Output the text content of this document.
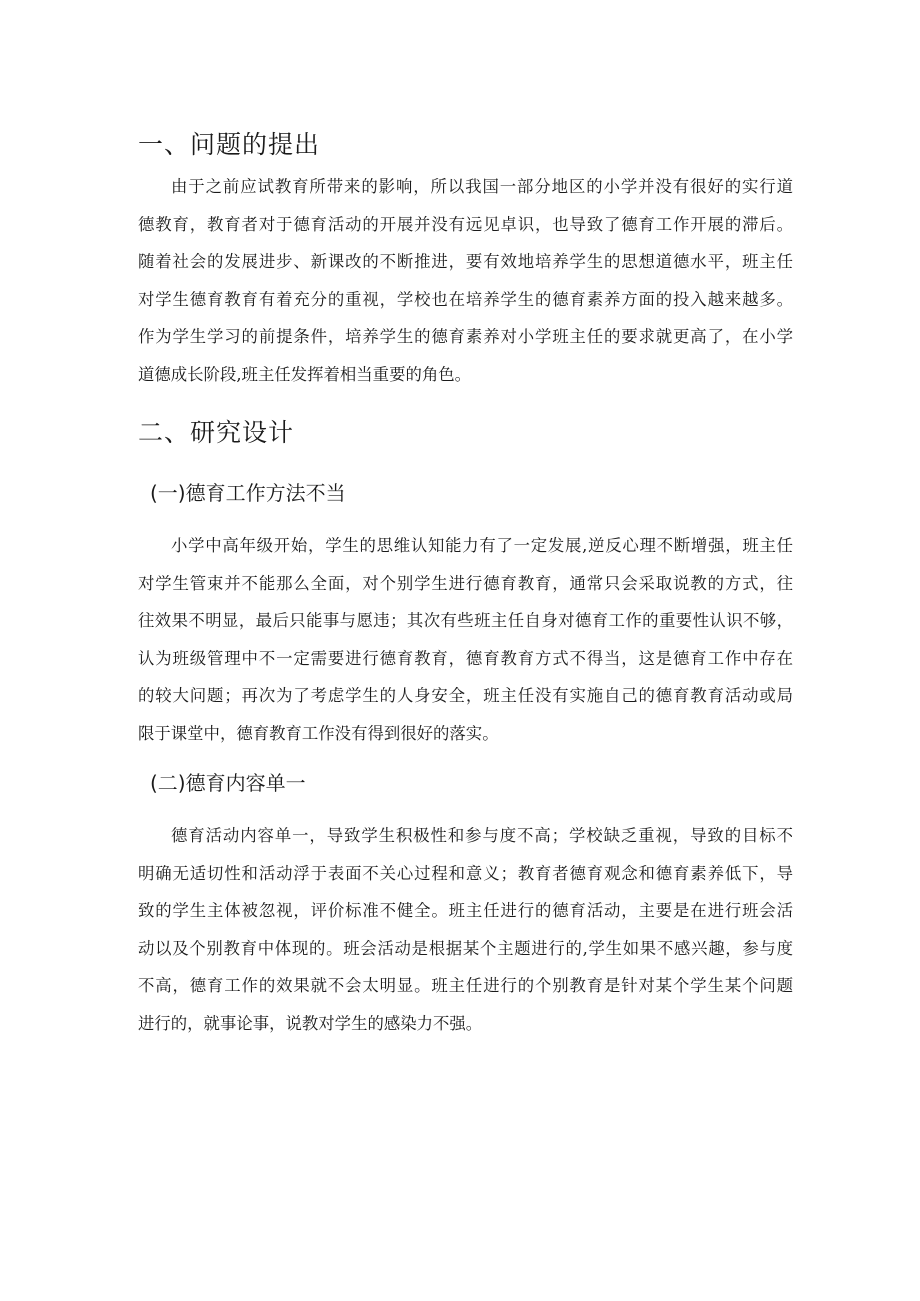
一、问题的提出
由于之前应试教育所带来的影响，所以我国一部分地区的小学并没有很好的实行道
德教育，教育者对于德育活动的开展并没有远见卓识，也导致了德育工作开展的滞后。
随着社会的发展进步、新课改的不断推进，要有效地培养学生的思想道德水平，班主任
对学生德育教育有着充分的重视，学校也在培养学生的德育素养方面的投入越来越多。
作为学生学习的前提条件，培养学生的德育素养对小学班主任的要求就更高了，在小学
道德成长阶段,班主任发挥着相当重要的角色。
二、研究设计
(一)德育工作方法不当
小学中高年级开始，学生的思维认知能力有了一定发展,逆反心理不断增强，班主任
对学生管束并不能那么全面，对个别学生进行德育教育，通常只会采取说教的方式，往
往效果不明显，最后只能事与愿违；其次有些班主任自身对德育工作的重要性认识不够，
认为班级管理中不一定需要进行德育教育，德育教育方式不得当，这是德育工作中存在
的较大问题；再次为了考虑学生的人身安全，班主任没有实施自己的德育教育活动或局
限于课堂中，德育教育工作没有得到很好的落实。
(二)德育内容单一
德育活动内容单一，导致学生积极性和参与度不高；学校缺乏重视，导致的目标不
明确无适切性和活动浮于表面不关心过程和意义；教育者德育观念和德育素养低下，导
致的学生主体被忽视，评价标准不健全。班主任进行的德育活动，主要是在进行班会活
动以及个别教育中体现的。班会活动是根据某个主题进行的,学生如果不感兴趣，参与度
不高，德育工作的效果就不会太明显。班主任进行的个别教育是针对某个学生某个问题
进行的，就事论事，说教对学生的感染力不强。
